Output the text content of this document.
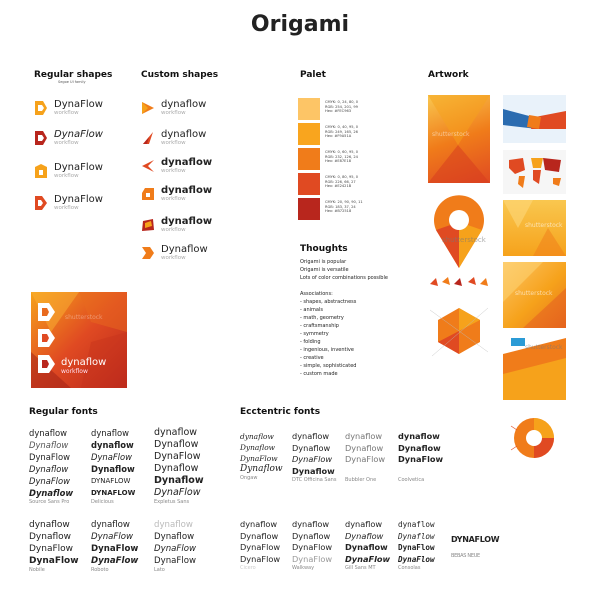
Origami
Regular shapes
Segoe UI family
DynaFlow
workflow
DynaFlow
workflow
DynaFlow
workflow
DynaFlow
workflow
Custom shapes
dynaflow
workflow
dynaflow
workflow
dynaflow
workflow
dynaflow
workflow
dynaflow
workflow
Dynaflow
workflow
dynaflow
workflow
shutterstock
Palet
CMYK: 0, 24, 80, 0
RGB: 254, 201, 99
Hex: #FEC963
CMYK: 0, 40, 95, 0
RGB: 249, 165, 26
Hex: #F9A51A
CMYK: 0, 60, 95, 0
RGB: 232, 126, 24
Hex: #E87E18
CMYK: 0, 80, 95, 0
RGB: 226, 66, 27
Hex: #E2421B
CMYK: 20, 90, 90, 11
RGB: 183, 37, 24
Hex: #B72518
Thoughts
Origami is popular
Origami is versatile
Lots of color combinations possible
Associations:
- shapes, abstractness
- animals
- math, geometry
- craftsmanship
- symmetry
- folding
- ingenious, inventive
- creative
- simple, sophisticated
- custom made
Artwork
shutterstock
shutterstock
shutterstock
shutterstock
shutterstock
Regular fonts
dynaflow
Dynaflow
DynaFlow
Dynaflow
DynaFlow
Dynaflow
Source Sans Pro
dynaflow
dynaflow
DynaFlow
Dynaflow
DYNAFLOW
DYNAFLOW
Delicious
dynaflow
Dynaflow
DynaFlow
Dynaflow
Dynaflow
DynaFlow
Expletus Sans
dynaflow
Dynaflow
DynaFlow
DynaFlow
Nobile
dynaflow
DynaFlow
DynaFlow
DynaFlow
Roboto
dynaflow
Dynaflow
DynaFlow
DynaFlow
Lato
Ecctentric fonts
dynaflow
Dynaflow
DynaFlow
Dynaflow
Ongaw
dynaflow
Dynaflow
DynaFlow
Dynaflow
DTC Officina Sans
dynaflow
Dynaflow
DynaFlow
Bubbler One
dynaflow
Dynaflow
DynaFlow
Coolvetica
dynaflow
Dynaflow
DynaFlow
DynaFlow
Cicero
dynaflow
Dynaflow
DynaFlow
DynaFlow
Walkway
dynaflow
Dynaflow
Dynaflow
DynaFlow
Gill Sans MT
dynaflow
Dynaflow
DynaFlow
DynaFlow
Consolas
DYNAFLOW
BEBAS NEUE
